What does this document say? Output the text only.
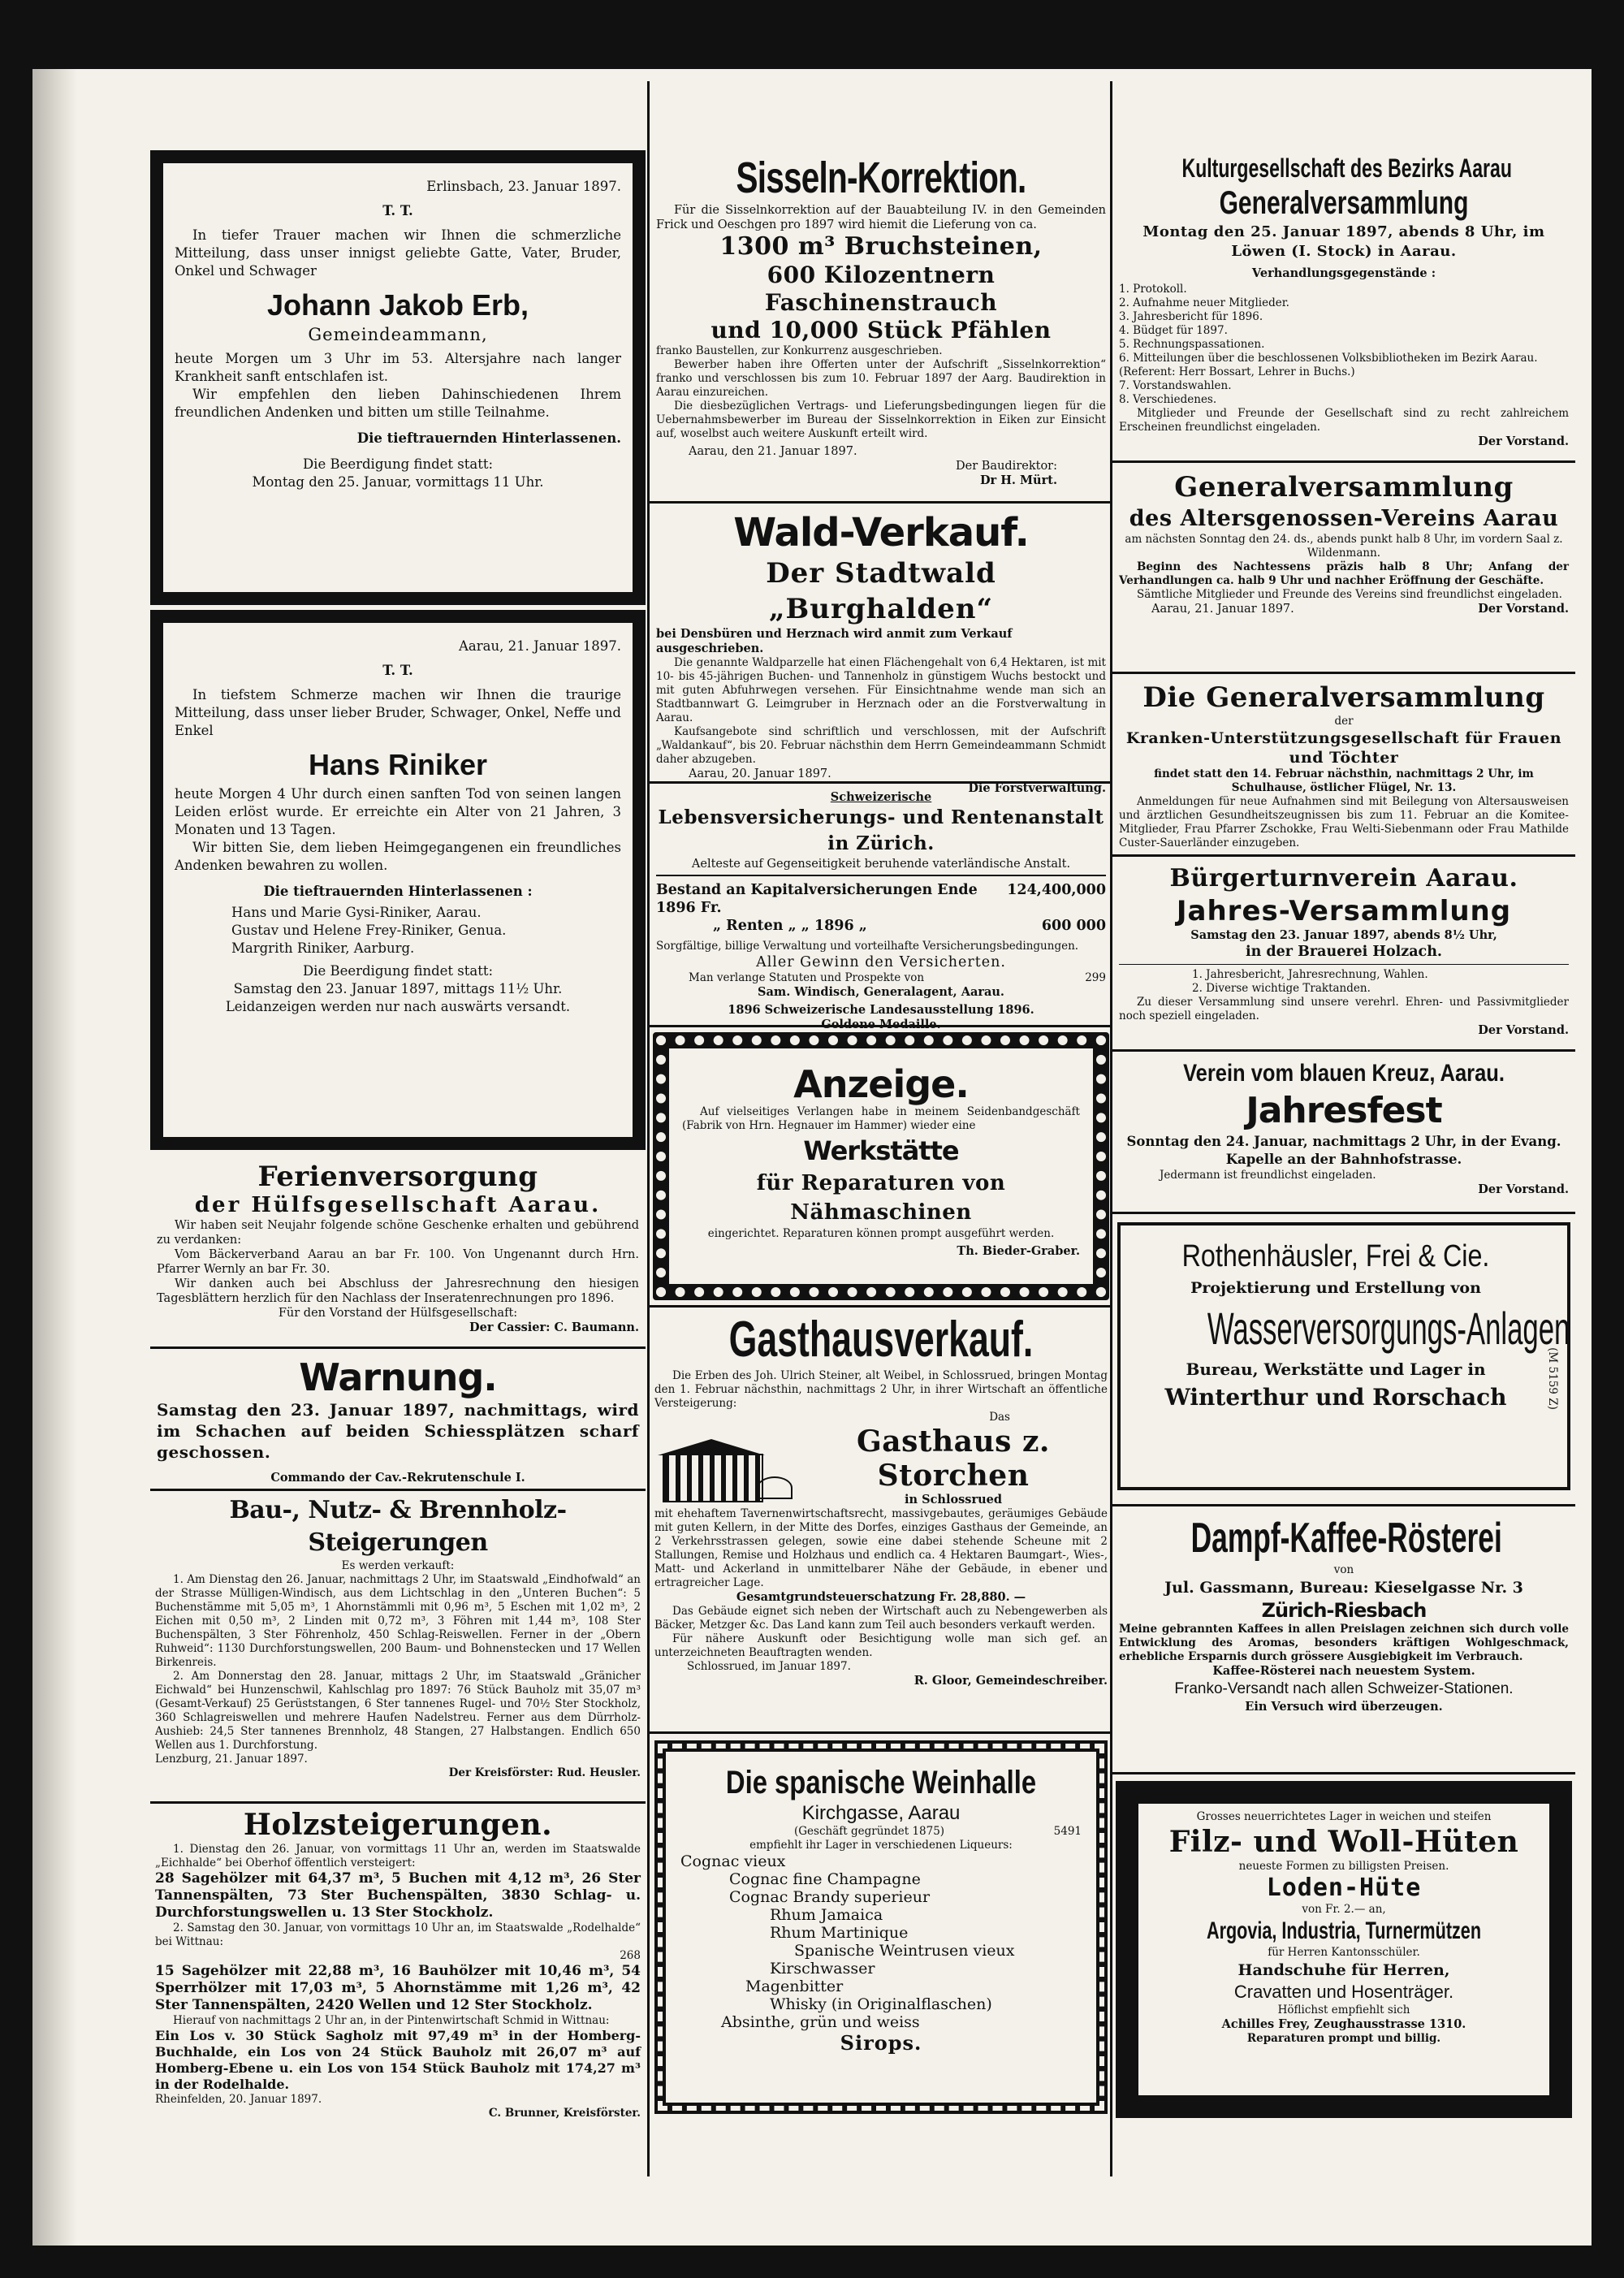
Erlinsbach, 23. Januar 1897.

T. T.

In tiefer Trauer machen wir Ihnen die schmerzliche Mitteilung, dass unser innigst geliebte Gatte, Vater, Bruder, Onkel und Schwager

Johann Jakob Erb,

Gemeindeammann,

heute Morgen um 3 Uhr im 53. Altersjahre nach langer Krankheit sanft entschlafen ist.

Wir empfehlen den lieben Dahinschiedenen Ihrem freundlichen Andenken und bitten um stille Teilnahme.

Die tieftrauernden Hinterlassenen.

Die Beerdigung findet statt:

Montag den 25. Januar, vormittags 11 Uhr.

Aarau, 21. Januar 1897.

T. T.

In tiefstem Schmerze machen wir Ihnen die traurige Mitteilung, dass unser lieber Bruder, Schwager, Onkel, Neffe und Enkel

Hans Riniker

heute Morgen 4 Uhr durch einen sanften Tod von seinen langen Leiden erlöst wurde. Er erreichte ein Alter von 21 Jahren, 3 Monaten und 13 Tagen.

Wir bitten Sie, dem lieben Heimgegangenen ein freundliches Andenken bewahren zu wollen.

Die tieftrauernden Hinterlassenen :

Hans und Marie Gysi-Riniker, Aarau.

Gustav und Helene Frey-Riniker, Genua.

Margrith Riniker, Aarburg.

Die Beerdigung findet statt:

Samstag den 23. Januar 1897, mittags 11½ Uhr.

Leidanzeigen werden nur nach auswärts versandt.

Ferienversorgung

der Hülfsgesellschaft Aarau.

Wir haben seit Neujahr folgende schöne Geschenke erhalten und gebührend zu verdanken:

Vom Bäckerverband Aarau an bar Fr. 100. Von Ungenannt durch Hrn. Pfarrer Wernly an bar Fr. 30.

Wir danken auch bei Abschluss der Jahresrechnung den hiesigen Tagesblättern herzlich für den Nachlass der Inseratenrechnungen pro 1896.

Für den Vorstand der Hülfsgesellschaft:

Der Cassier: C. Baumann.

Warnung.

Samstag den 23. Januar 1897, nachmittags, wird im Schachen auf beiden Schiessplätzen scharf geschossen.

Commando der Cav.-Rekrutenschule I.

Bau-, Nutz- & Brennholz-Steigerungen

Es werden verkauft:

1. Am Dienstag den 26. Januar, nachmittags 2 Uhr, im Staatswald „Eindhofwald“ an der Strasse Mülligen-Windisch, aus dem Lichtschlag in den „Unteren Buchen“: 5 Buchenstämme mit 5,05 m³, 1 Ahornstämmli mit 0,96 m³, 5 Eschen mit 1,02 m³, 2 Eichen mit 0,50 m³, 2 Linden mit 0,72 m³, 3 Föhren mit 1,44 m³, 108 Ster Buchenspälten, 3 Ster Föhrenholz, 450 Schlag-Reiswellen. Ferner in der „Obern Ruhweid“: 1130 Durchforstungswellen, 200 Baum- und Bohnenstecken und 17 Wellen Birkenreis.

2. Am Donnerstag den 28. Januar, mittags 2 Uhr, im Staatswald „Gränicher Eichwald“ bei Hunzenschwil, Kahlschlag pro 1897: 76 Stück Bauholz mit 35,07 m³ (Gesamt-Verkauf) 25 Gerüststangen, 6 Ster tannenes Rugel- und 70½ Ster Stockholz, 360 Schlagreiswellen und mehrere Haufen Nadelstreu. Ferner aus dem Dürrholz-Aushieb: 24,5 Ster tannenes Brennholz, 48 Stangen, 27 Halbstangen. Endlich 650 Wellen aus 1. Durchforstung.

Lenzburg, 21. Januar 1897.

Der Kreisförster: Rud. Heusler.

Holzsteigerungen.

1. Dienstag den 26. Januar, von vormittags 11 Uhr an, werden im Staatswalde „Eichhalde“ bei Oberhof öffentlich versteigert:

28 Sagehölzer mit 64,37 m³, 5 Buchen mit 4,12 m³, 26 Ster Tannenspälten, 73 Ster Buchenspälten, 3830 Schlag- u. Durchforstungswellen u. 13 Ster Stockholz.

2. Samstag den 30. Januar, von vormittags 10 Uhr an, im Staatswalde „Rodelhalde“ bei Wittnau:

268

15 Sagehölzer mit 22,88 m³, 16 Bauhölzer mit 10,46 m³, 54 Sperrhölzer mit 17,03 m³, 5 Ahornstämme mit 1,26 m³, 42 Ster Tannenspälten, 2420 Wellen und 12 Ster Stockholz.

Hierauf von nachmittags 2 Uhr an, in der Pintenwirtschaft Schmid in Wittnau:

Ein Los v. 30 Stück Sagholz mit 97,49 m³ in der Homberg-Buchhalde, ein Los von 24 Stück Bauholz mit 26,07 m³ auf Homberg-Ebene u. ein Los von 154 Stück Bauholz mit 174,27 m³ in der Rodelhalde.

Rheinfelden, 20. Januar 1897.

C. Brunner, Kreisförster.

Sisseln-Korrektion.

Für die Sisselnkorrektion auf der Bauabteilung IV. in den Gemeinden Frick und Oeschgen pro 1897 wird hiemit die Lieferung von ca.

1300 m³ Bruchsteinen,

600 Kilozentnern Faschinenstrauch

und 10,000 Stück Pfählen

franko Baustellen, zur Konkurrenz ausgeschrieben.

Bewerber haben ihre Offerten unter der Aufschrift „Sisselnkorrektion“ franko und verschlossen bis zum 10. Februar 1897 der Aarg. Baudirektion in Aarau einzureichen.

Die diesbezüglichen Vertrags- und Lieferungsbedingungen liegen für die Uebernahmsbewerber im Bureau der Sisselnkorrektion in Eiken zur Einsicht auf, woselbst auch weitere Auskunft erteilt wird.

Aarau, den 21. Januar 1897.

Der Baudirektor:

Dr H. Mürt.

Wald-Verkauf.

Der Stadtwald „Burghalden“

bei Densbüren und Herznach wird anmit zum Verkauf ausgeschrieben.

Die genannte Waldparzelle hat einen Flächengehalt von 6,4 Hektaren, ist mit 10- bis 45-jährigen Buchen- und Tannenholz in günstigem Wuchs bestockt und mit guten Abfuhrwegen versehen. Für Einsichtnahme wende man sich an Stadtbannwart G. Leimgruber in Herznach oder an die Forstverwaltung in Aarau.

Kaufsangebote sind schriftlich und verschlossen, mit der Aufschrift „Waldankauf“, bis 20. Februar nächsthin dem Herrn Gemeindeammann Schmidt daher abzugeben.

Aarau, 20. Januar 1897.

Die Forstverwaltung.

Schweizerische

Lebensversicherungs- und Rentenanstalt in Zürich.

Aelteste auf Gegenseitigkeit beruhende vaterländische Anstalt.

Bestand an Kapitalversicherungen Ende 1896 Fr.
124,400,000
„ Renten „ „ 1896 „	600 000

Sorgfältige, billige Verwaltung und vorteilhafte Versicherungsbedingungen.

Aller Gewinn den Versicherten.

Man verlange Statuten und Prospekte von	299

Sam. Windisch, Generalagent, Aarau.

1896 Schweizerische Landesausstellung 1896.

Goldene Medaille.

Anzeige.

Auf vielseitiges Verlangen habe in meinem Seidenbandgeschäft (Fabrik von Hrn. Hegnauer im Hammer) wieder eine

Werkstätte

für Reparaturen von Nähmaschinen

eingerichtet. Reparaturen können prompt ausgeführt werden.

Th. Bieder-Graber.

Gasthausverkauf.

Die Erben des Joh. Ulrich Steiner, alt Weibel, in Schlossrued, bringen Montag den 1. Februar nächsthin, nachmittags 2 Uhr, in ihrer Wirtschaft an öffentliche Versteigerung:

Das

Gasthaus z. Storchen

in Schlossrued

mit ehehaftem Tavernenwirtschaftsrecht, massivgebautes, geräumiges Gebäude mit guten Kellern, in der Mitte des Dorfes, einziges Gasthaus der Gemeinde, an 2 Verkehrsstrassen gelegen, sowie eine dabei stehende Scheune mit 2 Stallungen, Remise und Holzhaus und endlich ca. 4 Hektaren Baumgart-, Wies-, Matt- und Ackerland in unmittelbarer Nähe der Gebäude, in ebener und ertragreicher Lage.

Gesamtgrundsteuerschatzung Fr. 28,880. —

Das Gebäude eignet sich neben der Wirtschaft auch zu Nebengewerben als Bäcker, Metzger &c. Das Land kann zum Teil auch besonders verkauft werden.

Für nähere Auskunft oder Besichtigung wolle man sich gef. an unterzeichneten Beauftragten wenden.

Schlossrued, im Januar 1897.

R. Gloor, Gemeindeschreiber.

Die spanische Weinhalle

Kirchgasse, Aarau

(Geschäft gegründet 1875)	5491

empfiehlt ihr Lager in verschiedenen Liqueurs:

Cognac vieux

Cognac fine Champagne

Cognac Brandy superieur

Rhum Jamaica

Rhum Martinique

Spanische Weintrusen vieux

Kirschwasser

Magenbitter

Whisky (in Originalflaschen)

Absinthe, grün und weiss

Sirops.

Kulturgesellschaft des Bezirks Aarau

Generalversammlung

Montag den 25. Januar 1897, abends 8 Uhr, im Löwen (I. Stock) in Aarau.

Verhandlungsgegenstände :

1. Protokoll.

2. Aufnahme neuer Mitglieder.

3. Jahresbericht für 1896.

4. Büdget für 1897.

5. Rechnungspassationen.

6. Mitteilungen über die beschlossenen Volksbibliotheken im Bezirk Aarau. (Referent: Herr Bossart, Lehrer in Buchs.)

7. Vorstandswahlen.

8. Verschiedenes.

Mitglieder und Freunde der Gesellschaft sind zu recht zahlreichem Erscheinen freundlichst eingeladen.

Der Vorstand.

Generalversammlung

des Altersgenossen-Vereins Aarau

am nächsten Sonntag den 24. ds., abends punkt halb 8 Uhr, im vordern Saal z. Wildenmann.

Beginn des Nachtessens präzis halb 8 Uhr; Anfang der Verhandlungen ca. halb 9 Uhr und nachher Eröffnung der Geschäfte.

Sämtliche Mitglieder und Freunde des Vereins sind freundlichst eingeladen.

Aarau, 21. Januar 1897.	Der Vorstand.

Die Generalversammlung

der

Kranken-Unterstützungsgesellschaft für Frauen und Töchter

findet statt den 14. Februar nächsthin, nachmittags 2 Uhr, im Schulhause, östlicher Flügel, Nr. 13.

Anmeldungen für neue Aufnahmen sind mit Beilegung von Altersausweisen und ärztlichen Gesundheitszeugnissen bis zum 11. Februar an die Komitee-Mitglieder, Frau Pfarrer Zschokke, Frau Welti-Siebenmann oder Frau Mathilde Custer-Sauerländer einzugeben.

Bürgerturnverein Aarau.

Jahres-Versammlung

Samstag den 23. Januar 1897, abends 8½ Uhr,

in der Brauerei Holzach.

1. Jahresbericht, Jahresrechnung, Wahlen.

2. Diverse wichtige Traktanden.

Zu dieser Versammlung sind unsere verehrl. Ehren- und Passivmitglieder noch speziell eingeladen.

Der Vorstand.

Verein vom blauen Kreuz, Aarau.

Jahresfest

Sonntag den 24. Januar, nachmittags 2 Uhr, in der Evang. Kapelle an der Bahnhofstrasse.

Jedermann ist freundlichst eingeladen.

Der Vorstand.

Rothenhäusler, Frei & Cie.

Projektierung und Erstellung von

Wasserversorgungs-Anlagen

Bureau, Werkstätte und Lager in

Winterthur und Rorschach	(M 5159 Z)

Dampf-Kaffee-Rösterei

von

Jul. Gassmann, Bureau: Kieselgasse Nr. 3

Zürich-Riesbach

Meine gebrannten Kaffees in allen Preislagen zeichnen sich durch volle Entwicklung des Aromas, besonders kräftigen Wohlgeschmack, erhebliche Ersparnis durch grössere Ausgiebigkeit im Verbrauch.

Kaffee-Rösterei nach neuestem System.

Franko-Versandt nach allen Schweizer-Stationen.

Ein Versuch wird überzeugen.

Grosses neuerrichtetes Lager in weichen und steifen

Filz- und Woll-Hüten

neueste Formen zu billigsten Preisen.

Loden-Hüte

von Fr. 2.— an,

Argovia, Industria, Turnermützen

für Herren Kantonsschüler.

Handschuhe für Herren,

Cravatten und Hosenträger.

Höflichst empfiehlt sich

Achilles Frey, Zeughausstrasse 1310.

Reparaturen prompt und billig.
